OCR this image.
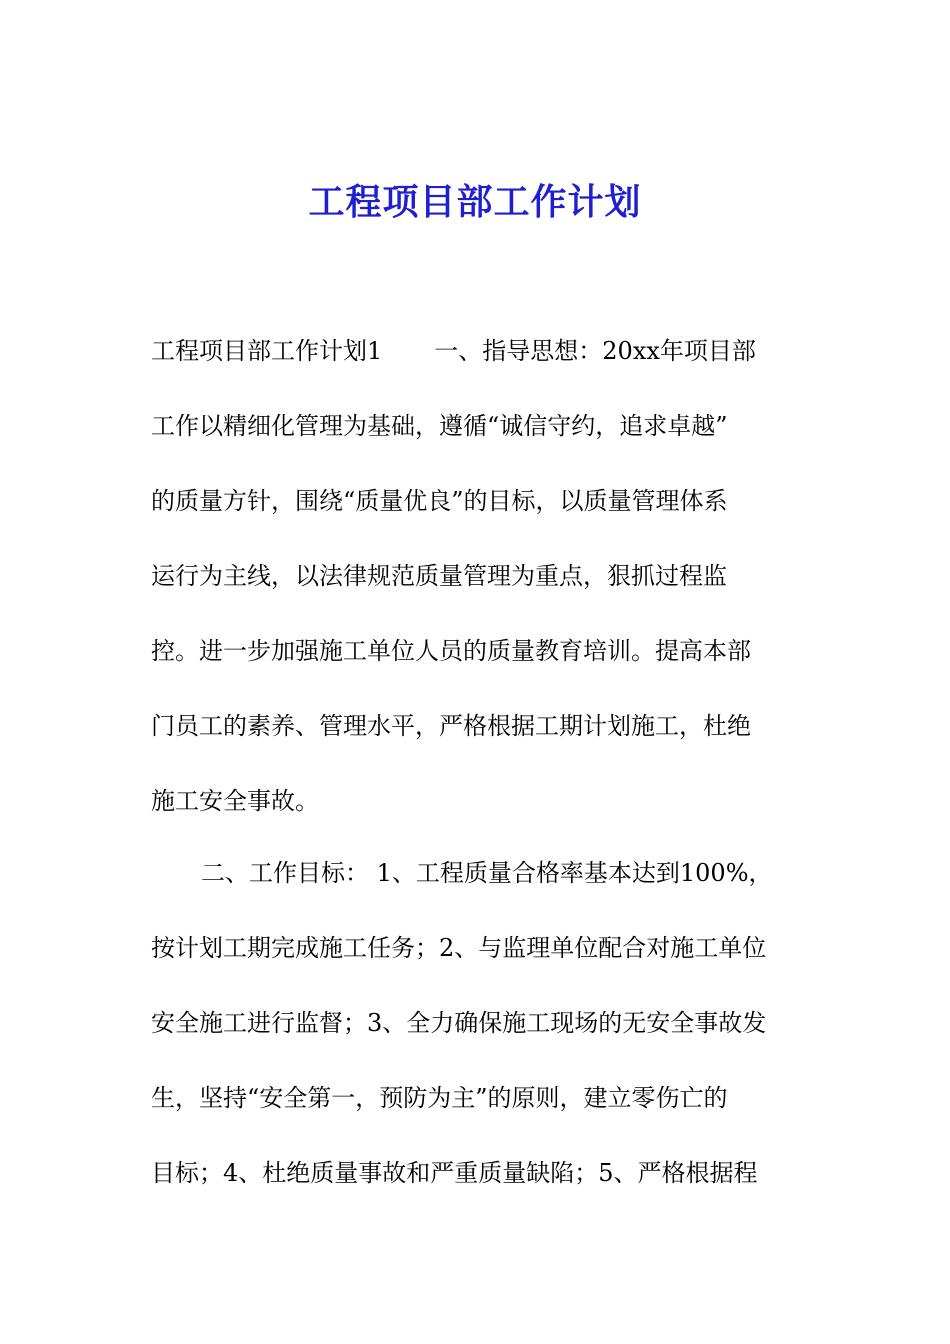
工程项目部工作计划
工程项目部工作计划1 一、指导思想：20xx年项目部
工作以精细化管理为基础，遵循“诚信守约，追求卓越”
的质量方针，围绕“质量优良”的目标，以质量管理体系
运行为主线，以法律规范质量管理为重点，狠抓过程监
控。进一步加强施工单位人员的质量教育培训。提高本部
门员工的素养、管理水平，严格根据工期计划施工，杜绝
施工安全事故。
二、工作目标： 1、工程质量合格率基本达到100%，
按计划工期完成施工任务；2、与监理单位配合对施工单位
安全施工进行监督；3、全力确保施工现场的无安全事故发
生，坚持“安全第一，预防为主”的原则，建立零伤亡的
目标；4、杜绝质量事故和严重质量缺陷；5、严格根据程
